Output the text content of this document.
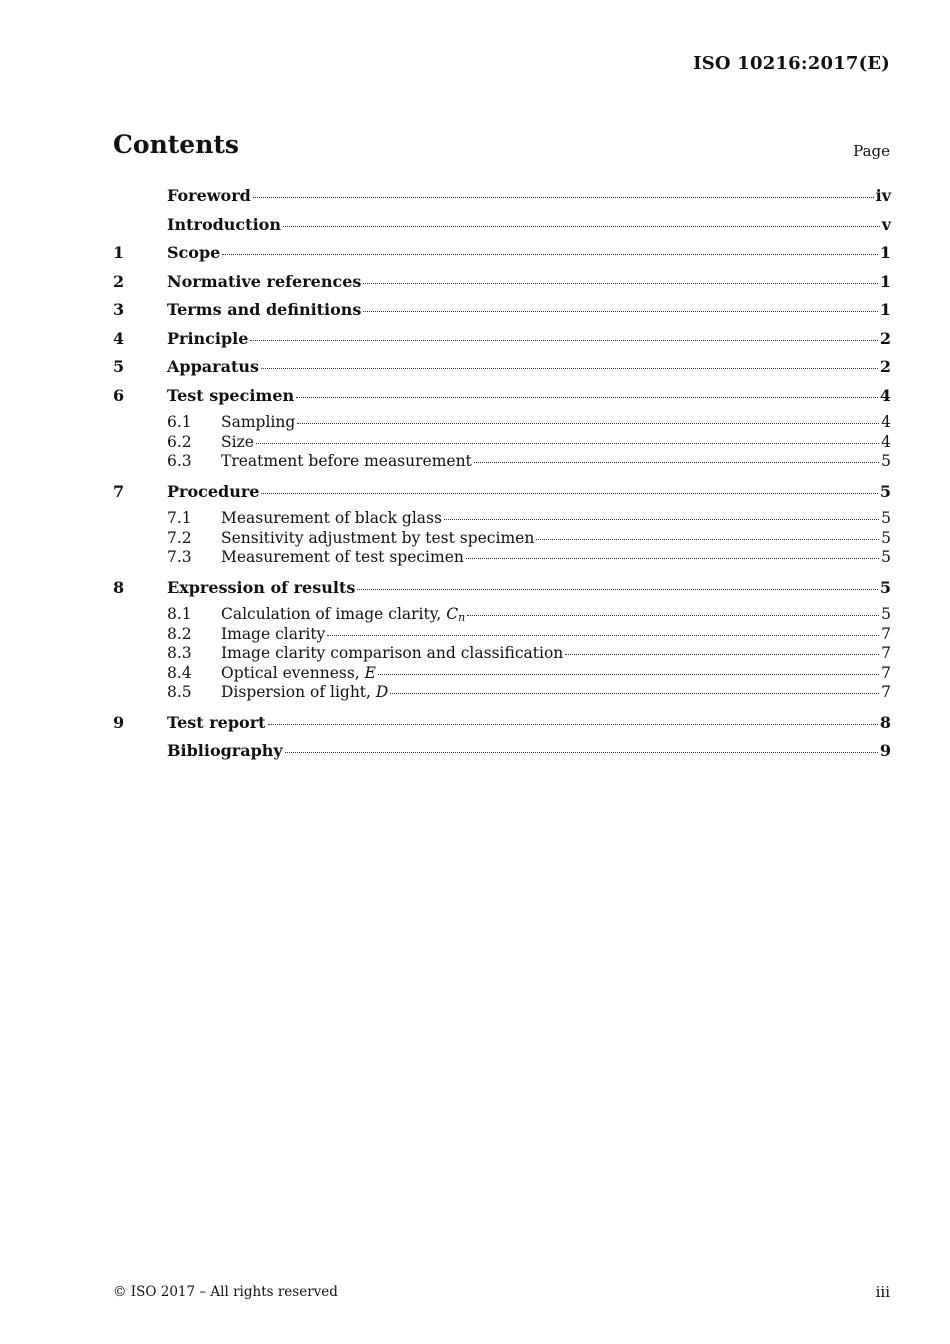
ISO 10216:2017(E)
Contents	Page
Foreword	iv
Introduction	v
1	Scope	1
2	Normative references	1
3	Terms and definitions	1
4	Principle	2
5	Apparatus	2
6	Test specimen	4
6.1	Sampling	4
6.2	Size	4
6.3	Treatment before measurement	5
7	Procedure	5
7.1	Measurement of black glass	5
7.2	Sensitivity adjustment by test specimen	5
7.3	Measurement of test specimen	5
8	Expression of results	5
8.1	Calculation of image clarity, $C_n$	5
8.2	Image clarity	7
8.3	Image clarity comparison and classification	7
8.4	Optical evenness, E	7
8.5	Dispersion of light, D	7
9	Test report	8
Bibliography	9
© ISO 2017 – All rights reserved	iii
